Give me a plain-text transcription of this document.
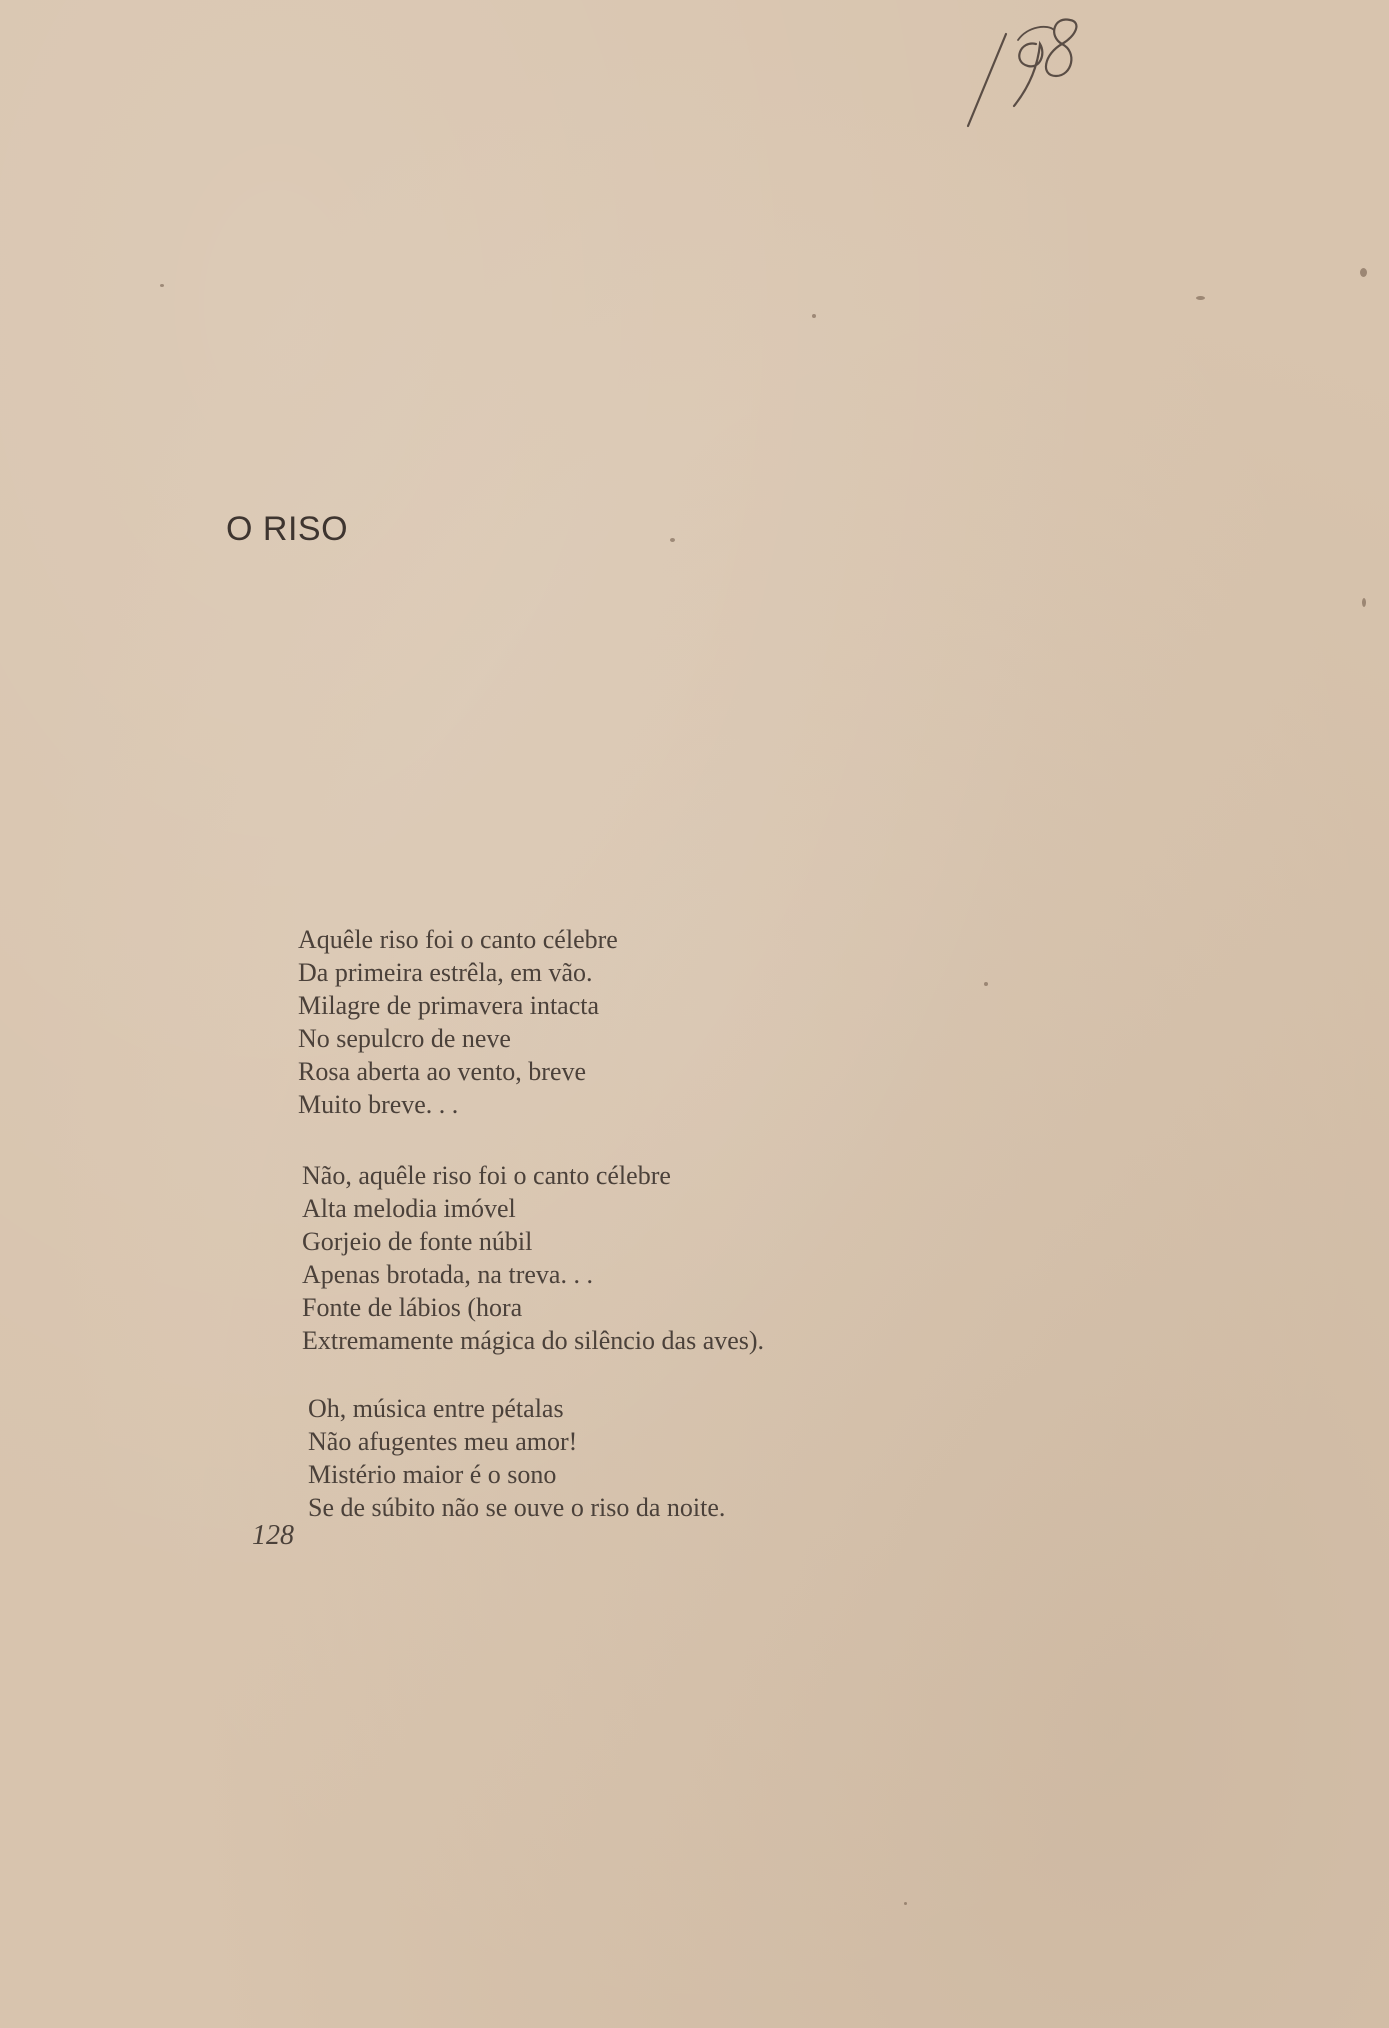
O RISO
Aquêle riso foi o canto célebre
Da primeira estrêla, em vão.
Milagre de primavera intacta
No sepulcro de neve
Rosa aberta ao vento, breve
Muito breve. . .
Não, aquêle riso foi o canto célebre
Alta melodia imóvel
Gorjeio de fonte núbil
Apenas brotada, na treva. . .
Fonte de lábios (hora
Extremamente mágica do silêncio das aves).
Oh, música entre pétalas
Não afugentes meu amor!
Mistério maior é o sono
Se de súbito não se ouve o riso da noite.
128
